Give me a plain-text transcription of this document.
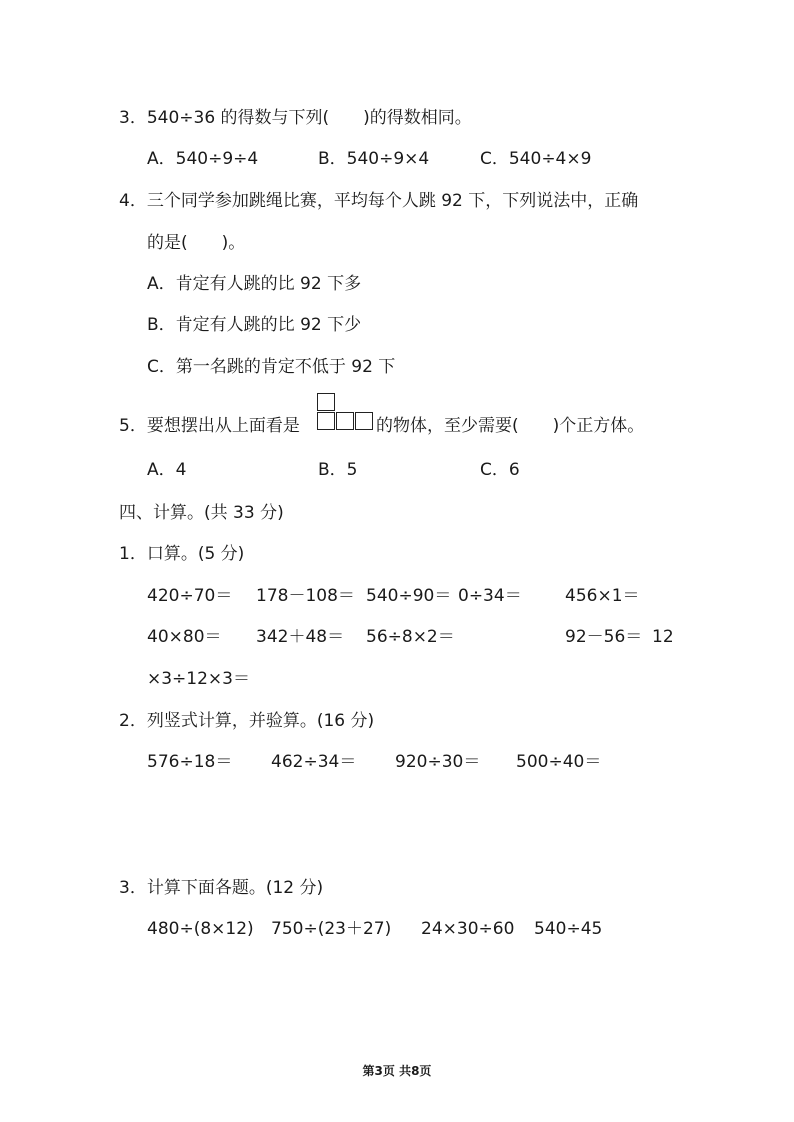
3．540÷36 的得数与下列(　　)的得数相同。
A．540÷9÷4	B．540÷9×4	C．540÷4×9
4．三个同学参加跳绳比赛，平均每个人跳 92 下，下列说法中，正确
的是(　　)。
A．肯定有人跳的比 92 下多
B．肯定有人跳的比 92 下少
C．第一名跳的肯定不低于 92 下
5．要想摆出从上面看是	的物体，至少需要(　　)个正方体。
A．4	B．5	C．6
四、计算。(共 33 分)
1．口算。(5 分)
420÷70＝ 178－108＝ 540÷90＝ 0÷34＝	456×1＝
40×80＝ 342＋48＝ 56÷8×2＝	92－56＝ 12
×3÷12×3＝
2．列竖式计算，并验算。(16 分)
576÷18＝ 462÷34＝ 920÷30＝ 500÷40＝
3．计算下面各题。(12 分)
480÷(8×12) 750÷(23＋27) 24×30÷60 540÷45
第3页 共8页
